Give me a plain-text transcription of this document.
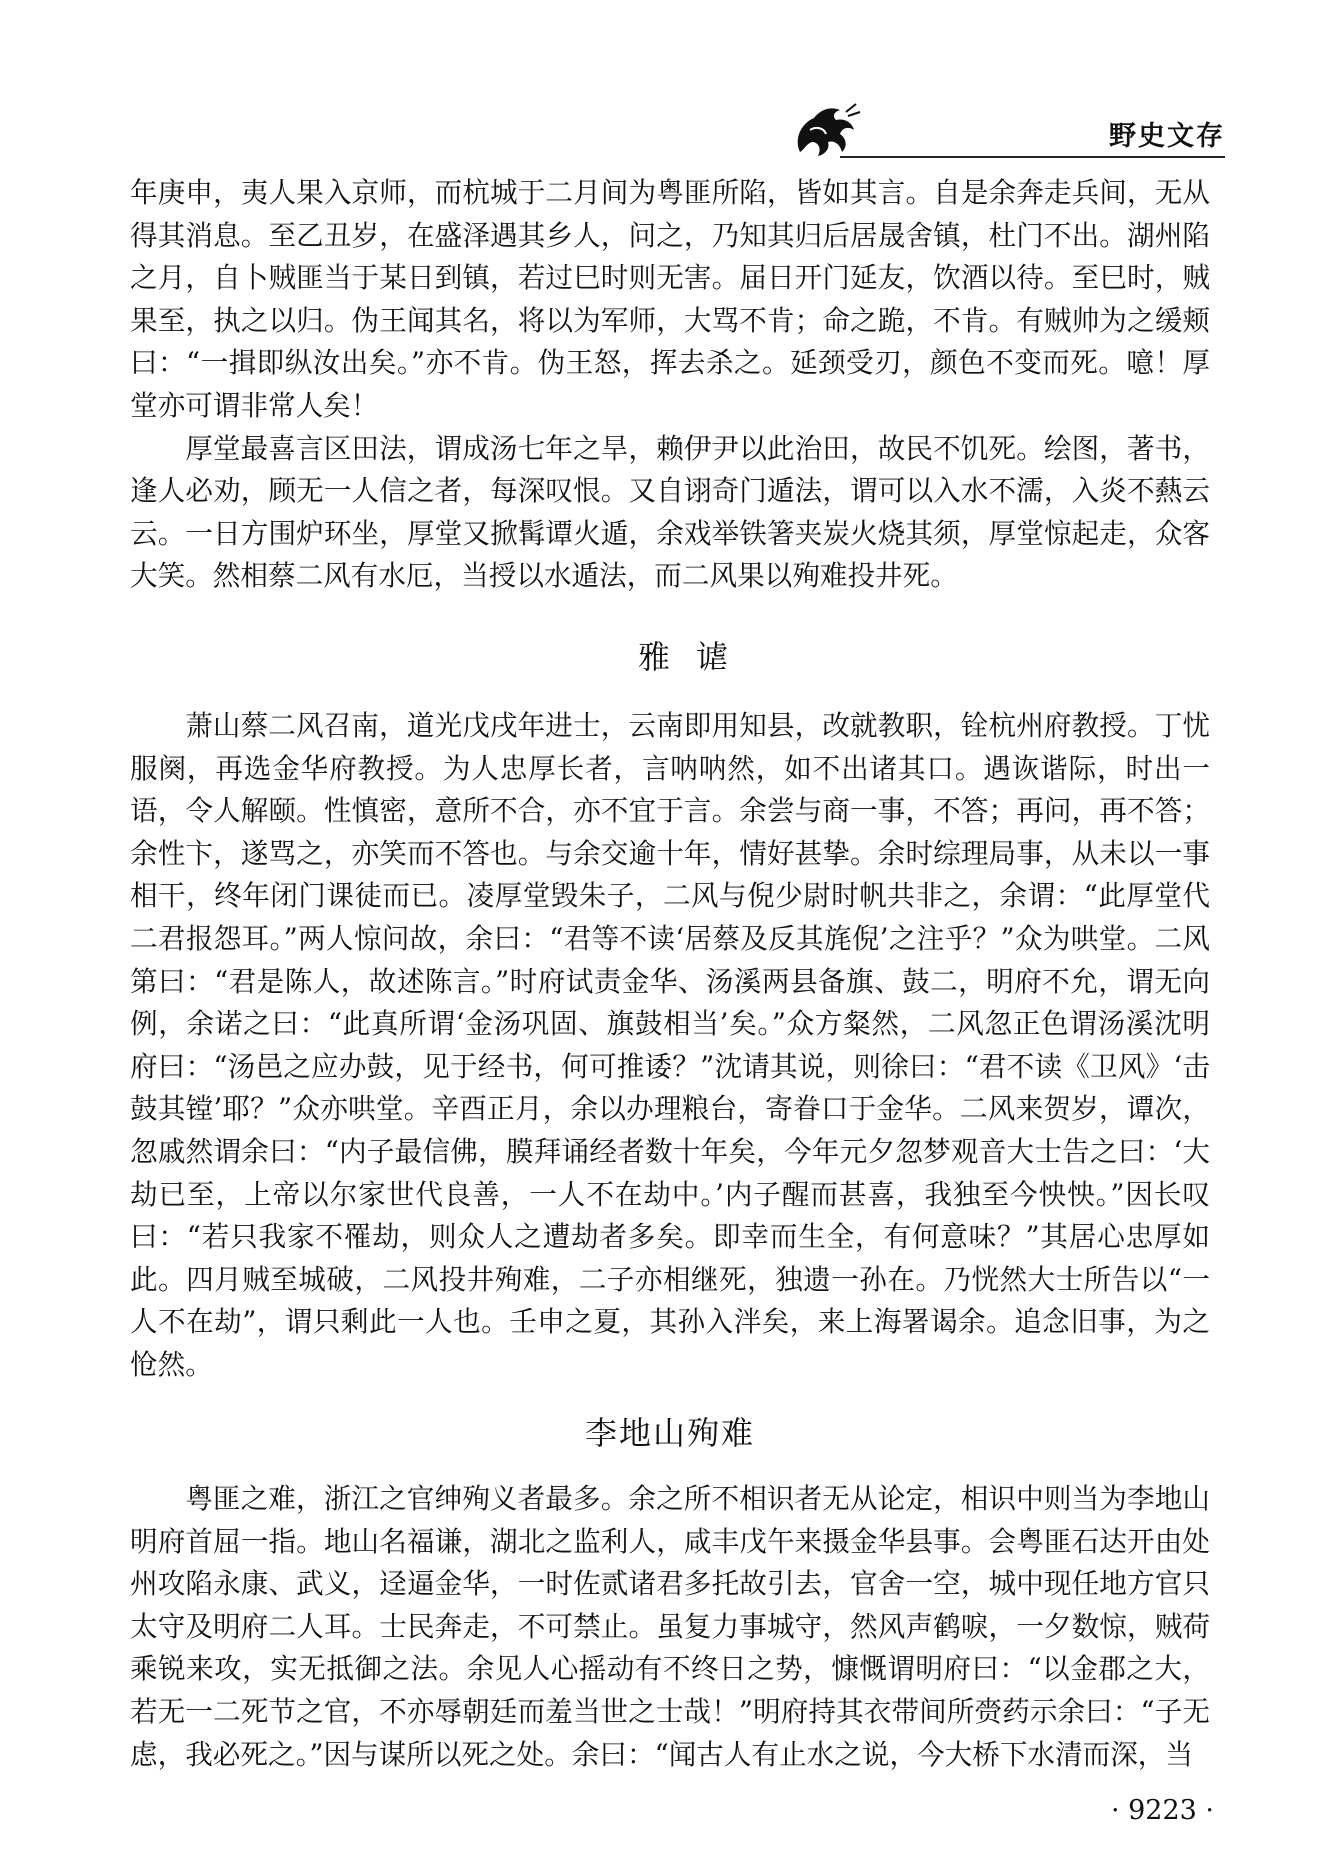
野史文存

年庚申，夷人果入京师，而杭城于二月间为粤匪所陷，皆如其言。自是余奔走兵间，无从得其消息。至乙丑岁，在盛泽遇其乡人，问之，乃知其归后居晟舍镇，杜门不出。湖州陷之月，自卜贼匪当于某日到镇，若过巳时则无害。届日开门延友，饮酒以待。至巳时，贼果至，执之以归。伪王闻其名，将以为军师，大骂不肯；命之跪，不肯。有贼帅为之缓颊曰：“一揖即纵汝出矣。”亦不肯。伪王怒，挥去杀之。延颈受刃，颜色不变而死。噫！厚堂亦可谓非常人矣！

厚堂最喜言区田法，谓成汤七年之旱，赖伊尹以此治田，故民不饥死。绘图，著书，逢人必劝，顾无一人信之者，每深叹恨。又自诩奇门遁法，谓可以入水不濡，入炎不爇云云。一日方围炉环坐，厚堂又掀髯谭火遁，余戏举铁箸夹炭火烧其须，厚堂惊起走，众客大笑。然相蔡二风有水厄，当授以水遁法，而二风果以殉难投井死。

雅谑

萧山蔡二风召南，道光戊戌年进士，云南即用知县，改就教职，铨杭州府教授。丁忧服阕，再选金华府教授。为人忠厚长者，言呐呐然，如不出诸其口。遇诙谐际，时出一语，令人解颐。性慎密，意所不合，亦不宜于言。余尝与商一事，不答；再问，再不答；余性卞，遂骂之，亦笑而不答也。与余交逾十年，情好甚挚。余时综理局事，从未以一事相干，终年闭门课徒而已。凌厚堂毁朱子，二风与倪少尉时帆共非之，余谓：“此厚堂代二君报怨耳。”两人惊问故，余曰：“君等不读‘居蔡及反其旄倪’之注乎？”众为哄堂。二风第曰：“君是陈人，故述陈言。”时府试责金华、汤溪两县备旗、鼓二，明府不允，谓无向例，余诺之曰：“此真所谓‘金汤巩固、旗鼓相当’矣。”众方粲然，二风忽正色谓汤溪沈明府曰：“汤邑之应办鼓，见于经书，何可推诿？”沈请其说，则徐曰：“君不读《卫风》‘击鼓其镗’耶？”众亦哄堂。辛酉正月，余以办理粮台，寄眷口于金华。二风来贺岁，谭次，忽戚然谓余曰：“内子最信佛，膜拜诵经者数十年矣，今年元夕忽梦观音大士告之曰：‘大劫已至，上帝以尔家世代良善，一人不在劫中。’内子醒而甚喜，我独至今怏怏。”因长叹曰：“若只我家不罹劫，则众人之遭劫者多矣。即幸而生全，有何意味？”其居心忠厚如此。四月贼至城破，二风投井殉难，二子亦相继死，独遗一孙在。乃恍然大士所告以“一人不在劫”，谓只剩此一人也。壬申之夏，其孙入泮矣，来上海署谒余。追念旧事，为之怆然。

李地山殉难

粤匪之难，浙江之官绅殉义者最多。余之所不相识者无从论定，相识中则当为李地山明府首屈一指。地山名福谦，湖北之监利人，咸丰戊午来摄金华县事。会粤匪石达开由处州攻陷永康、武义，迳逼金华，一时佐贰诸君多托故引去，官舍一空，城中现任地方官只太守及明府二人耳。士民奔走，不可禁止。虽复力事城守，然风声鹤唳，一夕数惊，贼荷乘锐来攻，实无抵御之法。余见人心摇动有不终日之势，慷慨谓明府曰：“以金郡之大，若无一二死节之官，不亦辱朝廷而羞当世之士哉！”明府持其衣带间所赍药示余曰：“子无虑，我必死之。”因与谋所以死之处。余曰：“闻古人有止水之说，今大桥下水清而深，当

· 9223 ·
